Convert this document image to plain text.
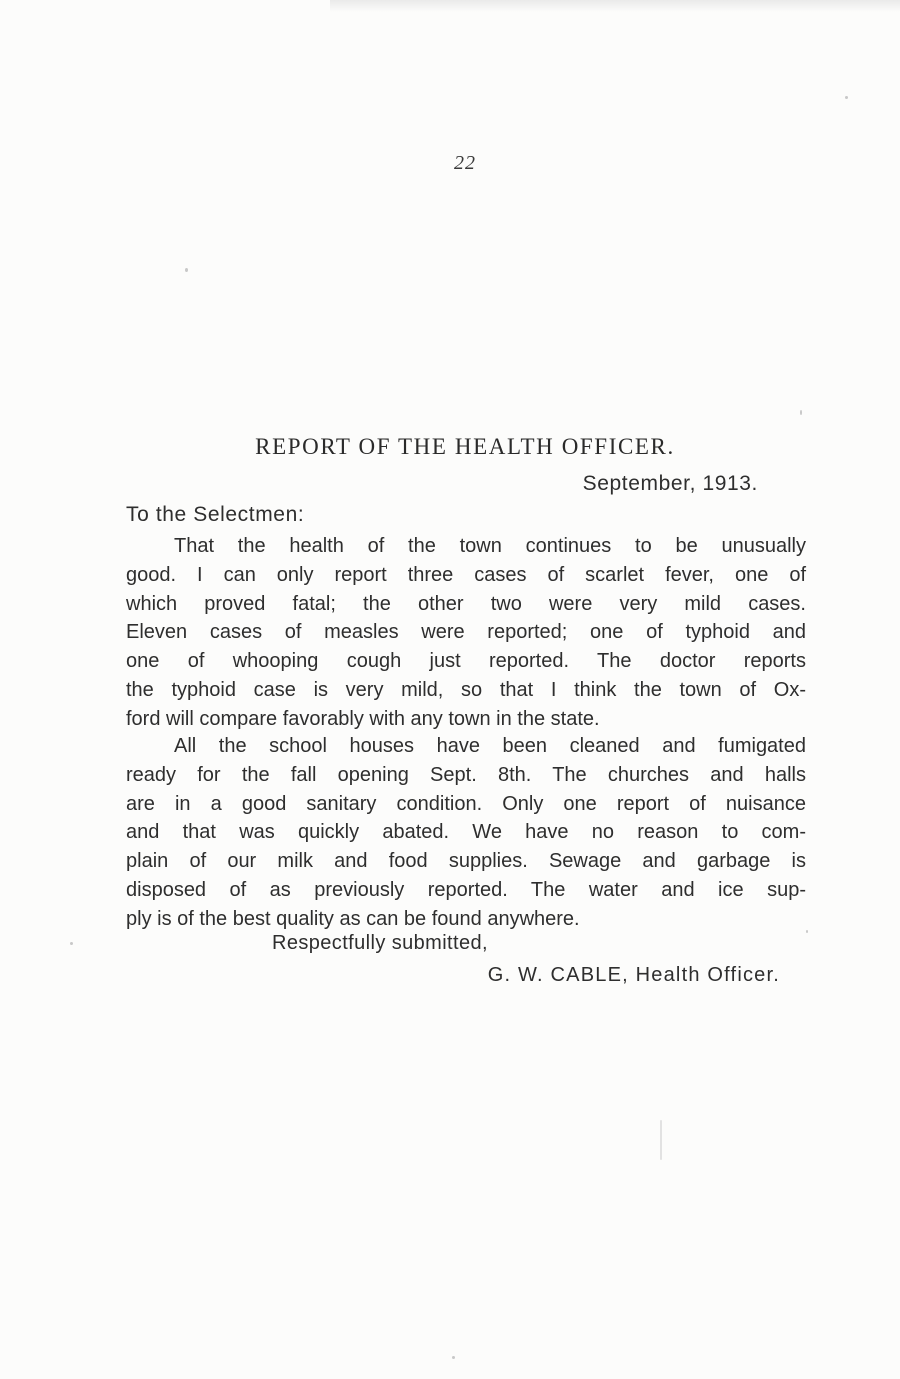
22
REPORT OF THE HEALTH OFFICER.
September, 1913.
To the Selectmen:
That the health of the town continues to be unusually
good. I can only report three cases of scarlet fever, one of
which proved fatal; the other two were very mild cases.
Eleven cases of measles were reported; one of typhoid and
one of whooping cough just reported. The doctor reports
the typhoid case is very mild, so that I think the town of Ox-
ford will compare favorably with any town in the state.
All the school houses have been cleaned and fumigated
ready for the fall opening Sept. 8th. The churches and halls
are in a good sanitary condition. Only one report of nuisance
and that was quickly abated. We have no reason to com-
plain of our milk and food supplies. Sewage and garbage is
disposed of as previously reported. The water and ice sup-
ply is of the best quality as can be found anywhere.
Respectfully submitted,
G. W. CABLE, Health Officer.
